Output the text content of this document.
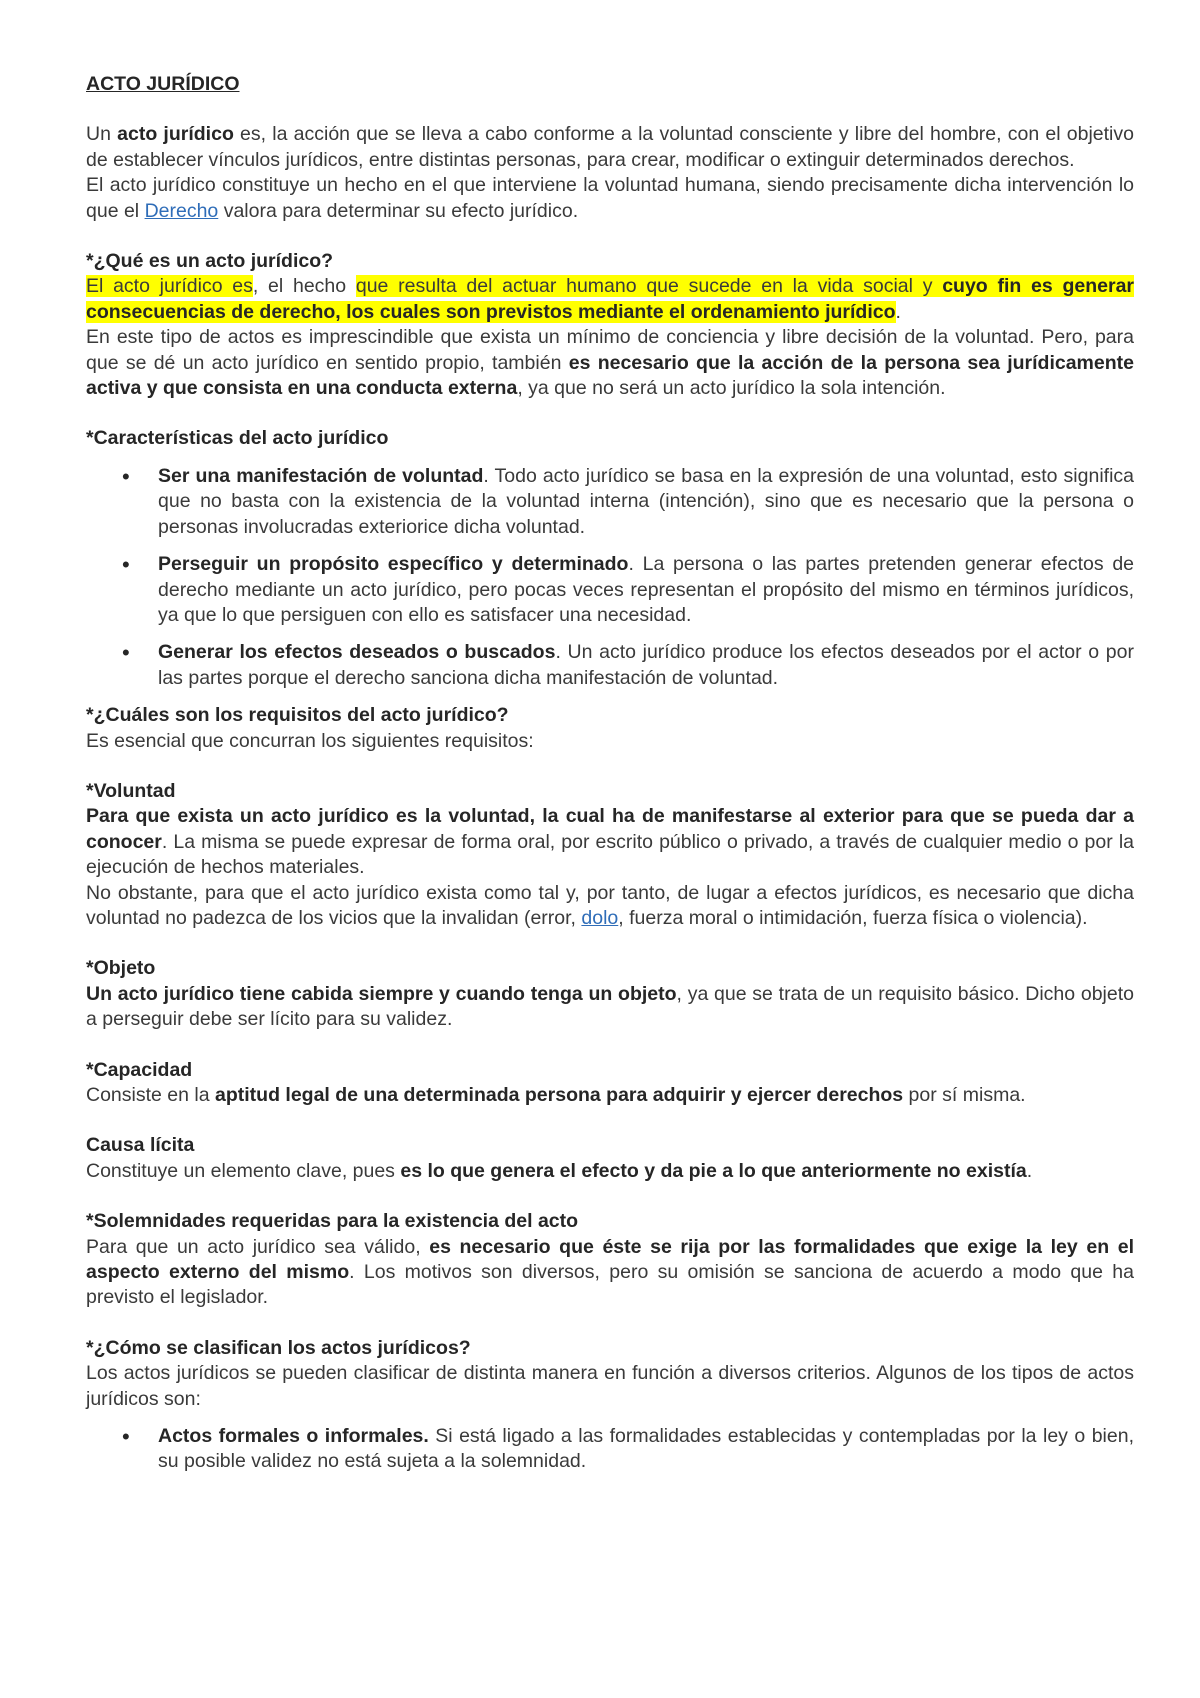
ACTO JURÍDICO

Un acto jurídico es, la acción que se lleva a cabo conforme a la voluntad consciente y libre del hombre, con el objetivo de establecer vínculos jurídicos, entre distintas personas, para crear, modificar o extinguir determinados derechos.

El acto jurídico constituye un hecho en el que interviene la voluntad humana, siendo precisamente dicha intervención lo que el Derecho valora para determinar su efecto jurídico.

*¿Qué es un acto jurídico?

El acto jurídico es, el hecho que resulta del actuar humano que sucede en la vida social y cuyo fin es generar consecuencias de derecho, los cuales son previstos mediante el ordenamiento jurídico.

En este tipo de actos es imprescindible que exista un mínimo de conciencia y libre decisión de la voluntad. Pero, para que se dé un acto jurídico en sentido propio, también es necesario que la acción de la persona sea jurídicamente activa y que consista en una conducta externa, ya que no será un acto jurídico la sola intención.

*Características del acto jurídico

• Ser una manifestación de voluntad. Todo acto jurídico se basa en la expresión de una voluntad, esto significa que no basta con la existencia de la voluntad interna (intención), sino que es necesario que la persona o personas involucradas exteriorice dicha voluntad.
• Perseguir un propósito específico y determinado. La persona o las partes pretenden generar efectos de derecho mediante un acto jurídico, pero pocas veces representan el propósito del mismo en términos jurídicos, ya que lo que persiguen con ello es satisfacer una necesidad.
• Generar los efectos deseados o buscados. Un acto jurídico produce los efectos deseados por el actor o por las partes porque el derecho sanciona dicha manifestación de voluntad.

*¿Cuáles son los requisitos del acto jurídico?

Es esencial que concurran los siguientes requisitos:

*Voluntad

Para que exista un acto jurídico es la voluntad, la cual ha de manifestarse al exterior para que se pueda dar a conocer. La misma se puede expresar de forma oral, por escrito público o privado, a través de cualquier medio o por la ejecución de hechos materiales.

No obstante, para que el acto jurídico exista como tal y, por tanto, de lugar a efectos jurídicos, es necesario que dicha voluntad no padezca de los vicios que la invalidan (error, dolo, fuerza moral o intimidación, fuerza física o violencia).

*Objeto

Un acto jurídico tiene cabida siempre y cuando tenga un objeto, ya que se trata de un requisito básico. Dicho objeto a perseguir debe ser lícito para su validez.

*Capacidad

Consiste en la aptitud legal de una determinada persona para adquirir y ejercer derechos por sí misma.

Causa lícita

Constituye un elemento clave, pues es lo que genera el efecto y da pie a lo que anteriormente no existía.

*Solemnidades requeridas para la existencia del acto

Para que un acto jurídico sea válido, es necesario que éste se rija por las formalidades que exige la ley en el aspecto externo del mismo. Los motivos son diversos, pero su omisión se sanciona de acuerdo a modo que ha previsto el legislador.

*¿Cómo se clasifican los actos jurídicos?

Los actos jurídicos se pueden clasificar de distinta manera en función a diversos criterios. Algunos de los tipos de actos jurídicos son:

• Actos formales o informales. Si está ligado a las formalidades establecidas y contempladas por la ley o bien, su posible validez no está sujeta a la solemnidad.
